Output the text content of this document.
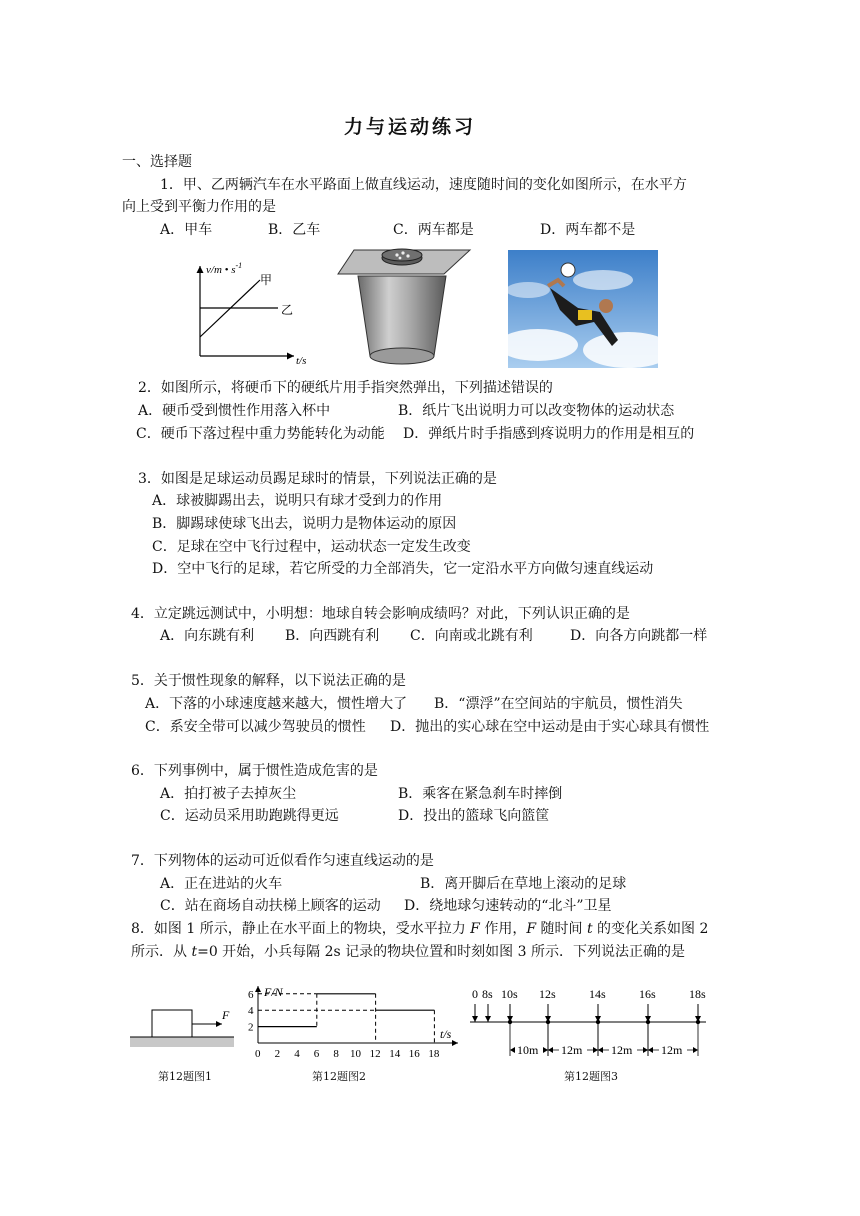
力与运动练习
一、选择题
1．甲、乙两辆汽车在水平路面上做直线运动，速度随时间的变化如图所示，在水平方
向上受到平衡力作用的是
A．甲车	B．乙车	C．两车都是	D．两车都不是
v/m • $s^{-1}$
甲
乙
t/s
2．如图所示，将硬币下的硬纸片用手指突然弹出，下列描述错误的
A．硬币受到惯性作用落入杯中	B．纸片飞出说明力可以改变物体的运动状态
C．硬币下落过程中重力势能转化为动能 D．弹纸片时手指感到疼说明力的作用是相互的
3．如图是足球运动员踢足球时的情景，下列说法正确的是
A．球被脚踢出去，说明只有球才受到力的作用
B．脚踢球使球飞出去，说明力是物体运动的原因
C．足球在空中飞行过程中，运动状态一定发生改变
D．空中飞行的足球，若它所受的力全部消失，它一定沿水平方向做匀速直线运动
4．立定跳远测试中，小明想：地球自转会影响成绩吗？对此，下列认识正确的是
A．向东跳有利 B．向西跳有利 C．向南或北跳有利	D．向各方向跳都一样
5．关于惯性现象的解释，以下说法正确的是
A．下落的小球速度越来越大，惯性增大了 B．“漂浮”在空间站的宇航员，惯性消失
C．系安全带可以减少驾驶员的惯性 D．抛出的实心球在空中运动是由于实心球具有惯性
6．下列事例中，属于惯性造成危害的是
A．拍打被子去掉灰尘	B．乘客在紧急刹车时摔倒
C．运动员采用助跑跳得更远	D．投出的篮球飞向篮筐
7．下列物体的运动可近似看作匀速直线运动的是
A．正在进站的火车	B．离开脚后在草地上滚动的足球
C．站在商场自动扶梯上顾客的运动 D．绕地球匀速转动的“北斗”卫星
8．如图 1 所示，静止在水平面上的物块，受水平拉力 F 作用，F 随时间 t 的变化关系如图 2
所示．从 t=0 开始，小兵每隔 2s 记录的物块位置和时刻如图 3 所示．下列说法正确的是
F
第12题图1
6
4
2
0 2 4 6 8 10 12 14 16 18
F/N
t/s
第12题图2
0 8s 10s 12s	14s	16s	18s
10m 12m 12m 12m
第12题图3
